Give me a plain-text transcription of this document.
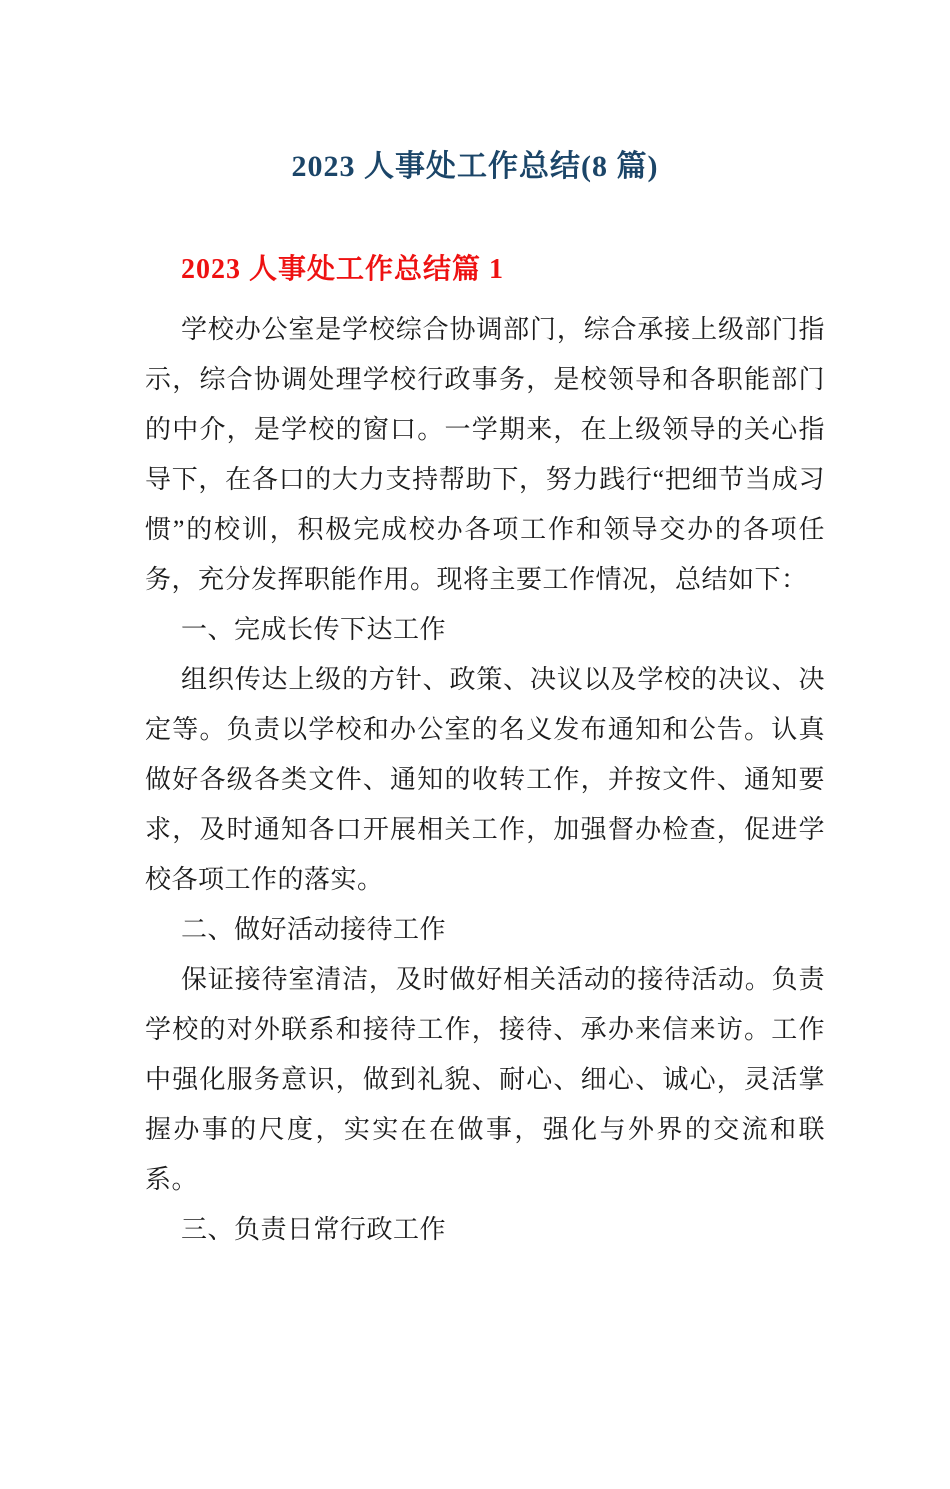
2023 人事处工作总结(8 篇)
2023 人事处工作总结篇 1

学校办公室是学校综合协调部门，综合承接上级部门指示，综合协调处理学校行政事务，是校领导和各职能部门的中介，是学校的窗口。一学期来，在上级领导的关心指导下，在各口的大力支持帮助下，努力践行“把细节当成习惯”的校训，积极完成校办各项工作和领导交办的各项任务，充分发挥职能作用。现将主要工作情况，总结如下：

一、完成长传下达工作

组织传达上级的方针、政策、决议以及学校的决议、决定等。负责以学校和办公室的名义发布通知和公告。认真做好各级各类文件、通知的收转工作，并按文件、通知要求，及时通知各口开展相关工作，加强督办检查，促进学校各项工作的落实。

二、做好活动接待工作

保证接待室清洁，及时做好相关活动的接待活动。负责学校的对外联系和接待工作，接待、承办来信来访。工作中强化服务意识，做到礼貌、耐心、细心、诚心，灵活掌握办事的尺度，实实在在做事，强化与外界的交流和联系。

三、负责日常行政工作
